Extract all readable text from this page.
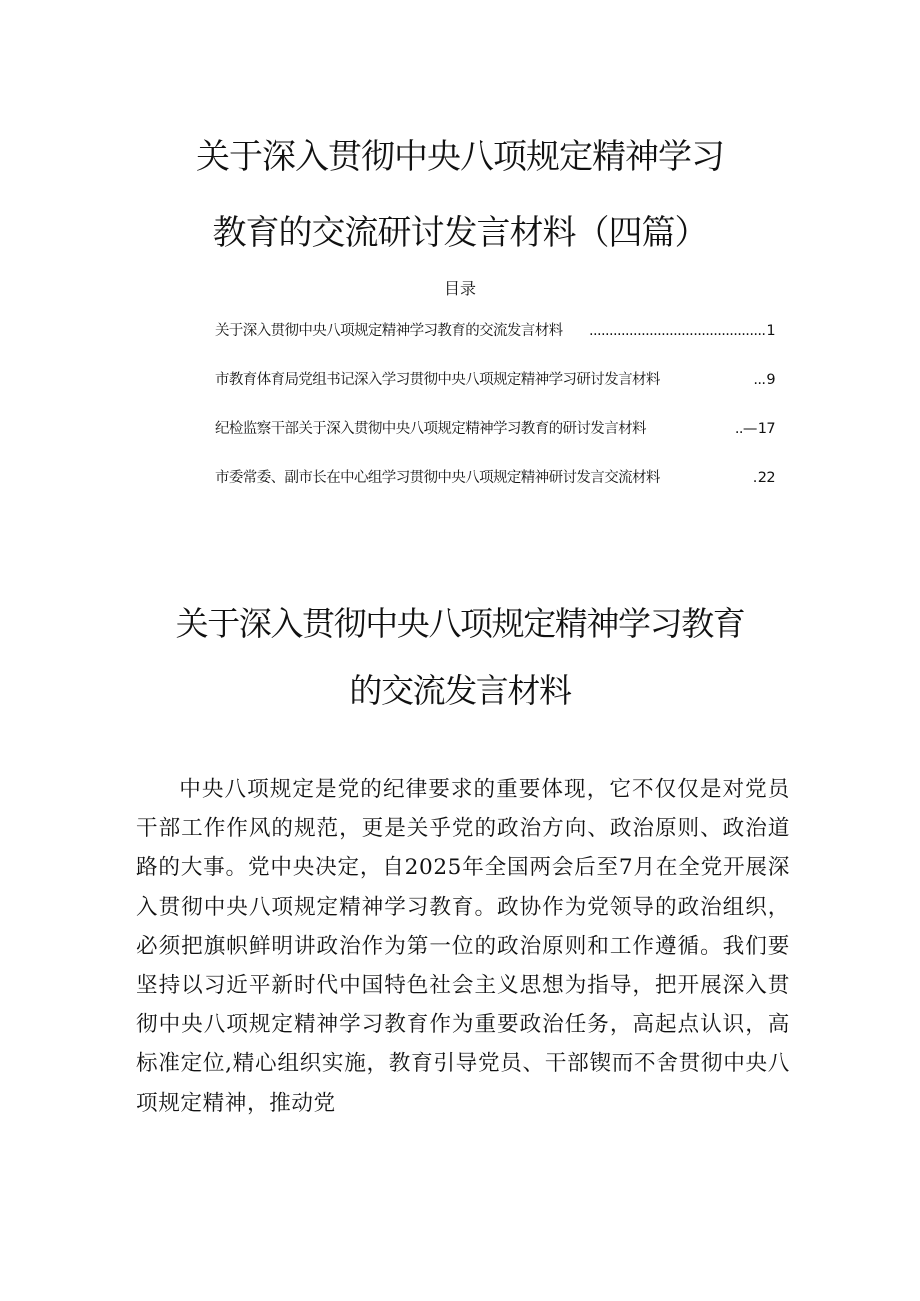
关于深入贯彻中央八项规定精神学习
教育的交流研讨发言材料（四篇）
目录
关于深入贯彻中央八项规定精神学习教育的交流发言材料	............................................ 1
市教育体育局党组书记深入学习贯彻中央八项规定精神学习研讨发言材料	... 9
纪检监察干部关于深入贯彻中央八项规定精神学习教育的研讨发言材料	..— 17
市委常委、副市长在中心组学习贯彻中央八项规定精神研讨发言交流材料	. 22
关于深入贯彻中央八项规定精神学习教育
的交流发言材料

中央八项规定是党的纪律要求的重要体现，它不仅仅是对党员干部工作作风的规范，更是关乎党的政治方向、政治原则、政治道路的大事。党中央决定，自2025年全国两会后至7月在全党开展深入贯彻中央八项规定精神学习教育。政协作为党领导的政治组织，必须把旗帜鲜明讲政治作为第一位的政治原则和工作遵循。我们要坚持以习近平新时代中国特色社会主义思想为指导，把开展深入贯彻中央八项规定精神学习教育作为重要政治任务，高起点认识，高标准定位,精心组织实施，教育引导党员、干部锲而不舍贯彻中央八项规定精神，推动党
